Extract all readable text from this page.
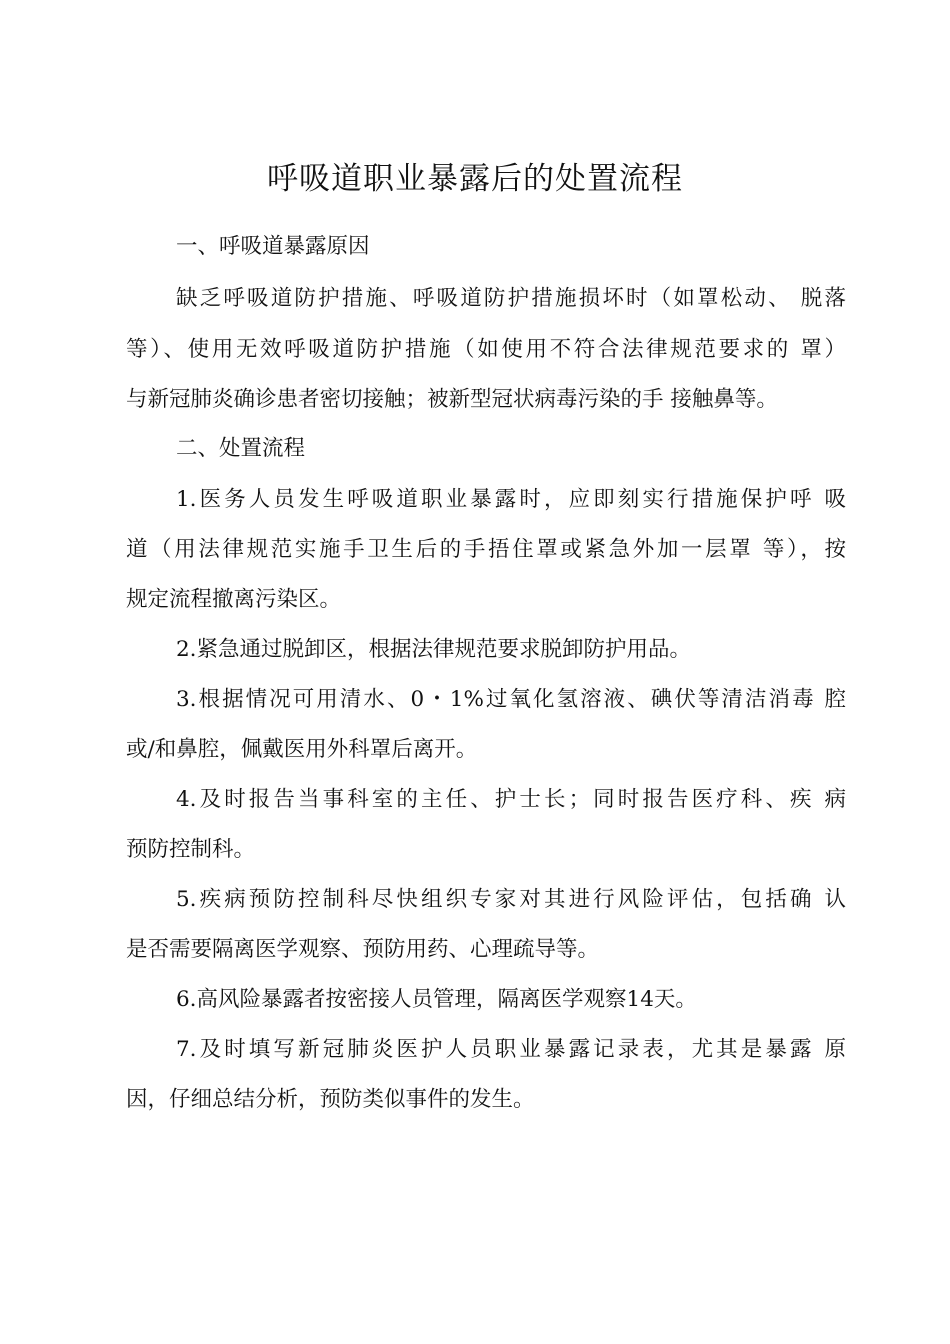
呼吸道职业暴露后的处置流程

一、呼吸道暴露原因

缺乏呼吸道防护措施、呼吸道防护措施损坏时（如罩松动、 脱落

等）、使用无效呼吸道防护措施（如使用不符合法律规范要求的 罩）

与新冠肺炎确诊患者密切接触；被新型冠状病毒污染的手 接触鼻等。

二、处置流程

1.医务人员发生呼吸道职业暴露时，应即刻实行措施保护呼 吸

道（用法律规范实施手卫生后的手捂住罩或紧急外加一层罩 等），按

规定流程撤离污染区。

2.紧急通过脱卸区，根据法律规范要求脱卸防护用品。

3.根据情况可用清水、0・1%过氧化氢溶液、碘伏等清洁消毒 腔

或/和鼻腔，佩戴医用外科罩后离开。

4.及时报告当事科室的主任、护士长；同时报告医疗科、疾 病

预防控制科。

5.疾病预防控制科尽快组织专家对其进行风险评估，包括确 认

是否需要隔离医学观察、预防用药、心理疏导等。

6.高风险暴露者按密接人员管理，隔离医学观察14天。

7.及时填写新冠肺炎医护人员职业暴露记录表，尤其是暴露 原

因，仔细总结分析，预防类似事件的发生。
